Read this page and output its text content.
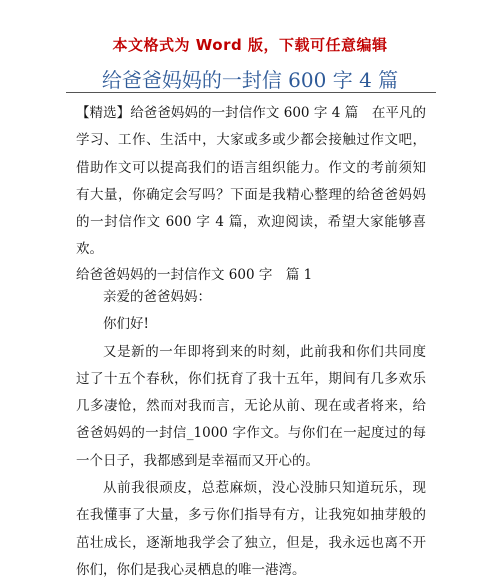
本文格式为 Word 版，下载可任意编辑
给爸爸妈妈的一封信 600 字 4 篇

【精选】给爸爸妈妈的一封信作文 600 字 4 篇　在平凡的学习、工作、生活中，大家或多或少都会接触过作文吧，借助作文可以提高我们的语言组织能力。作文的考前须知有大量，你确定会写吗？下面是我精心整理的给爸爸妈妈的一封信作文 600 字 4 篇，欢迎阅读，希望大家能够喜欢。

给爸爸妈妈的一封信作文 600 字　篇 1

亲爱的爸爸妈妈：

你们好!

又是新的一年即将到来的时刻，此前我和你们共同度过了十五个春秋，你们抚育了我十五年，期间有几多欢乐几多凄怆，然而对我而言，无论从前、现在或者将来，给爸爸妈妈的一封信_1000 字作文。与你们在一起度过的每一个日子，我都感到是幸福而又开心的。

从前我很顽皮，总惹麻烦，没心没肺只知道玩乐，现在我懂事了大量，多亏你们指导有方，让我宛如抽芽般的茁壮成长，逐渐地我学会了独立，但是，我永远也离不开你们，你们是我心灵栖息的唯一港湾。
